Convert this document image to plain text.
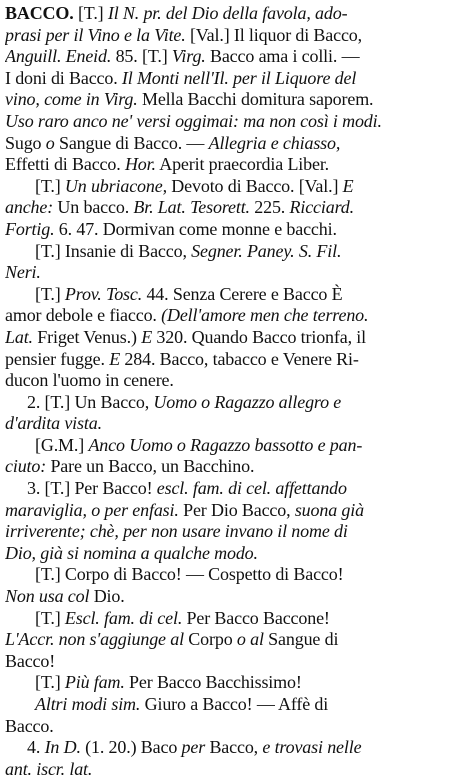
BACCO. [T.] Il N. pr. del Dio della favola, ado-
prasi per il Vino e la Vite. [Val.] Il liquor di Bacco,
Anguill. Eneid. 85. [T.] Virg. Bacco ama i colli. —
I doni di Bacco. Il Monti nell'Il. per il Liquore del
vino, come in Virg. Mella Bacchi domitura saporem.
Uso raro anco ne' versi oggimai: ma non così i modi.
Sugo o Sangue di Bacco. — Allegria e chiasso,
Effetti di Bacco. Hor. Aperit praecordia Liber.
[T.] Un ubriacone, Devoto di Bacco. [Val.] E
anche: Un bacco. Br. Lat. Tesorett. 225. Ricciard.
Fortig. 6. 47. Dormivan come monne e bacchi.
[T.] Insanie di Bacco, Segner. Paney. S. Fil.
Neri.
[T.] Prov. Tosc. 44. Senza Cerere e Bacco È
amor debole e fiacco. (Dell'amore men che terreno.
Lat. Friget Venus.) E 320. Quando Bacco trionfa, il
pensier fugge. E 284. Bacco, tabacco e Venere Ri-
ducon l'uomo in cenere.
2. [T.] Un Bacco, Uomo o Ragazzo allegro e
d'ardita vista.
[G.M.] Anco Uomo o Ragazzo bassotto e pan-
ciuto: Pare un Bacco, un Bacchino.
3. [T.] Per Bacco! escl. fam. di cel. affettando
maraviglia, o per enfasi. Per Dio Bacco, suona già
irriverente; chè, per non usare invano il nome di
Dio, già si nomina a qualche modo.
[T.] Corpo di Bacco! — Cospetto di Bacco!
Non usa col Dio.
[T.] Escl. fam. di cel. Per Bacco Baccone!
L'Accr. non s'aggiunge al Corpo o al Sangue di
Bacco!
[T.] Più fam. Per Bacco Bacchissimo!
Altri modi sim. Giuro a Bacco! — Affè di
Bacco.
4. In D. (1. 20.) Baco per Bacco, e trovasi nelle
ant. iscr. lat.
